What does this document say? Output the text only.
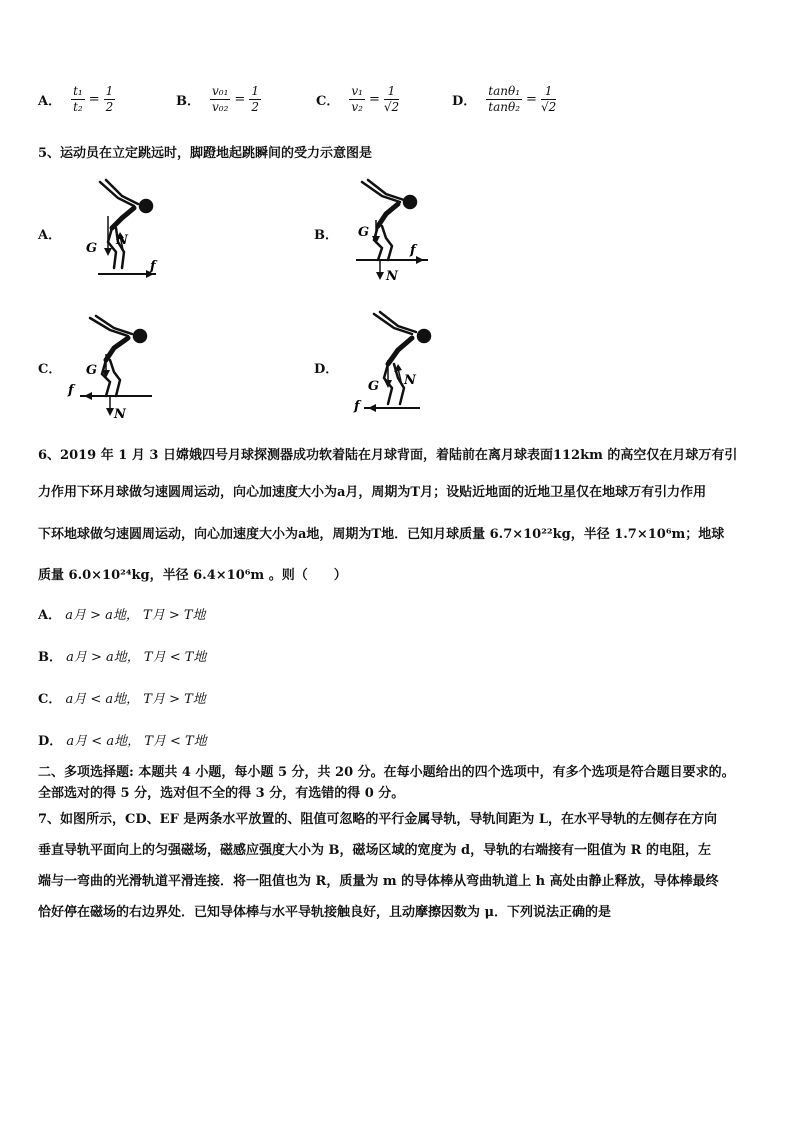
A． $\frac{\text{t₁}}{\text{t₂}} = \frac{1}{2}$	B． $\frac{\text{v₀₁}}{\text{v₀₂}} = \frac{1}{2}$	C． $\frac{\text{v₁}}{\text{v₂}} = \frac{1}{√2}$	D． $\frac{\text{tanθ₁}}{\text{tanθ₂}} = \frac{1}{√2}$
5、运动员在立定跳远时，脚蹬地起跳瞬间的受力示意图是
A．	B．
C．	D．
G
N
f
G
N
f
G
N
f	G N
f
6、2019 年 1 月 3 日嫦娥四号月球探测器成功软着陆在月球背面，着陆前在离月球表面112km 的高空仅在月球万有引
力作用下环月球做匀速圆周运动，向心加速度大小为a月，周期为T月；设贴近地面的近地卫星仅在地球万有引力作用
下环地球做匀速圆周运动，向心加速度大小为a地，周期为T地．已知月球质量 6.7×10²²kg，半径 1.7×10⁶m；地球
质量 6.0×10²⁴kg，半径 6.4×10⁶m 。则（　　）
A． a月 > a地， T月 > T地
B． a月 > a地， T月 < T地
C． a月 < a地， T月 > T地
D． a月 < a地， T月 < T地
二、多项选择题: 本题共 4 小题，每小题 5 分，共 20 分。在每小题给出的四个选项中，有多个选项是符合题目要求的。
全部选对的得 5 分，选对但不全的得 3 分，有选错的得 0 分。
7、如图所示，CD、EF 是两条水平放置的、阻值可忽略的平行金属导轨，导轨间距为 L，在水平导轨的左侧存在方向
垂直导轨平面向上的匀强磁场，磁感应强度大小为 B，磁场区域的宽度为 d，导轨的右端接有一阻值为 R 的电阻，左
端与一弯曲的光滑轨道平滑连接．将一阻值也为 R，质量为 m 的导体棒从弯曲轨道上 h 高处由静止释放，导体棒最终
恰好停在磁场的右边界处．已知导体棒与水平导轨接触良好，且动摩擦因数为 μ．下列说法正确的是
